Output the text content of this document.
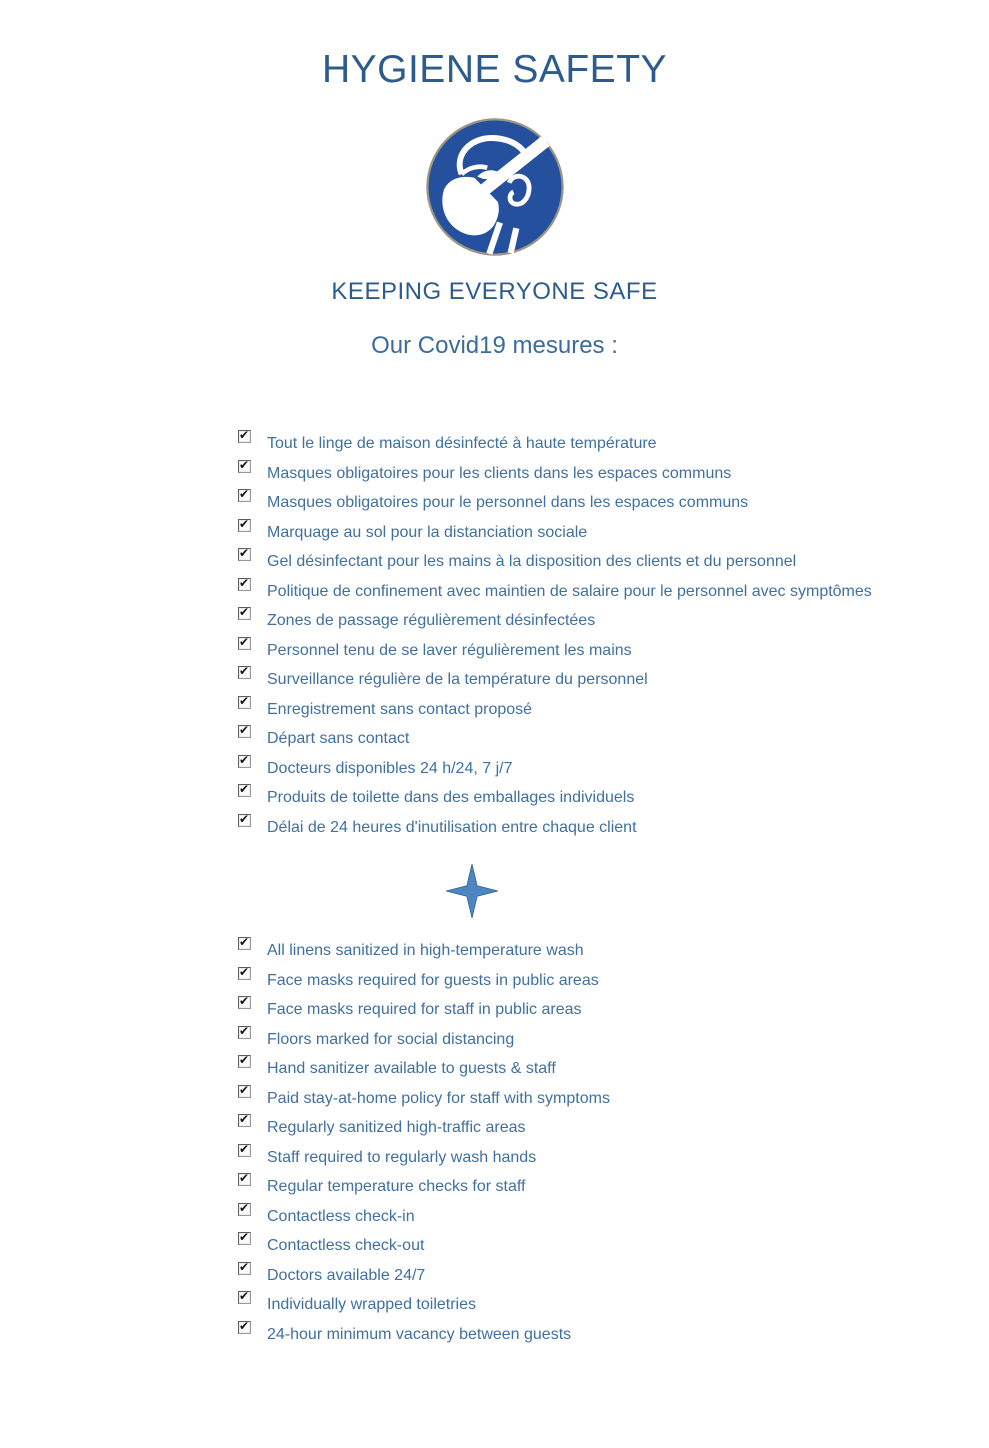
HYGIENE SAFETY
KEEPING EVERYONE SAFE
Our Covid19 mesures :
✔ Tout le linge de maison désinfecté à haute température
✔ Masques obligatoires pour les clients dans les espaces communs
✔ Masques obligatoires pour le personnel dans les espaces communs
✔ Marquage au sol pour la distanciation sociale
✔ Gel désinfectant pour les mains à la disposition des clients et du personnel
✔ Politique de confinement avec maintien de salaire pour le personnel avec symptômes
✔ Zones de passage régulièrement désinfectées
✔ Personnel tenu de se laver régulièrement les mains
✔ Surveillance régulière de la température du personnel
✔ Enregistrement sans contact proposé
✔ Départ sans contact
✔ Docteurs disponibles 24 h/24, 7 j/7
✔ Produits de toilette dans des emballages individuels
✔ Délai de 24 heures d'inutilisation entre chaque client
✔ All linens sanitized in high-temperature wash
✔ Face masks required for guests in public areas
✔ Face masks required for staff in public areas
✔ Floors marked for social distancing
✔ Hand sanitizer available to guests & staff
✔ Paid stay-at-home policy for staff with symptoms
✔ Regularly sanitized high-traffic areas
✔ Staff required to regularly wash hands
✔ Regular temperature checks for staff
✔ Contactless check-in
✔ Contactless check-out
✔ Doctors available 24/7
✔ Individually wrapped toiletries
✔ 24-hour minimum vacancy between guests
